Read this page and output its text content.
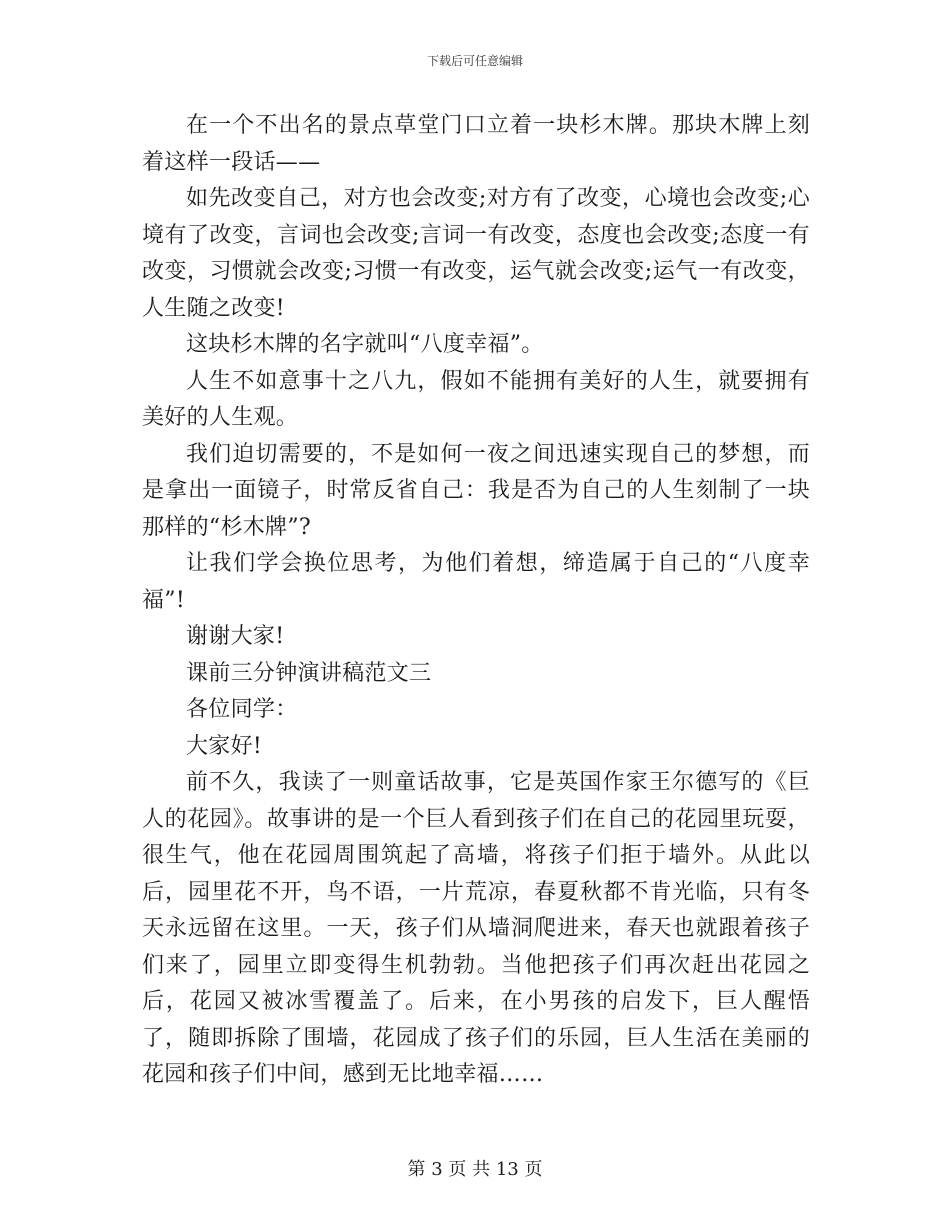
下载后可任意编辑

在一个不出名的景点草堂门口立着一块杉木牌。那块木牌上刻着这样一段话——

如先改变自己，对方也会改变;对方有了改变，心境也会改变;心境有了改变，言词也会改变;言词一有改变，态度也会改变;态度一有改变，习惯就会改变;习惯一有改变，运气就会改变;运气一有改变，人生随之改变!

这块杉木牌的名字就叫“八度幸福”。

人生不如意事十之八九，假如不能拥有美好的人生，就要拥有美好的人生观。

我们迫切需要的，不是如何一夜之间迅速实现自己的梦想，而是拿出一面镜子，时常反省自己：我是否为自己的人生刻制了一块那样的“杉木牌”?

让我们学会换位思考，为他们着想，缔造属于自己的“八度幸福”!

谢谢大家!

课前三分钟演讲稿范文三

各位同学：

大家好!

前不久，我读了一则童话故事，它是英国作家王尔德写的《巨人的花园》。故事讲的是一个巨人看到孩子们在自己的花园里玩耍，很生气，他在花园周围筑起了高墙，将孩子们拒于墙外。从此以后，园里花不开，鸟不语，一片荒凉，春夏秋都不肯光临，只有冬天永远留在这里。一天，孩子们从墙洞爬进来，春天也就跟着孩子们来了，园里立即变得生机勃勃。当他把孩子们再次赶出花园之后，花园又被冰雪覆盖了。后来，在小男孩的启发下，巨人醒悟了，随即拆除了围墙，花园成了孩子们的乐园，巨人生活在美丽的花园和孩子们中间，感到无比地幸福……

第 3 页 共 13 页
